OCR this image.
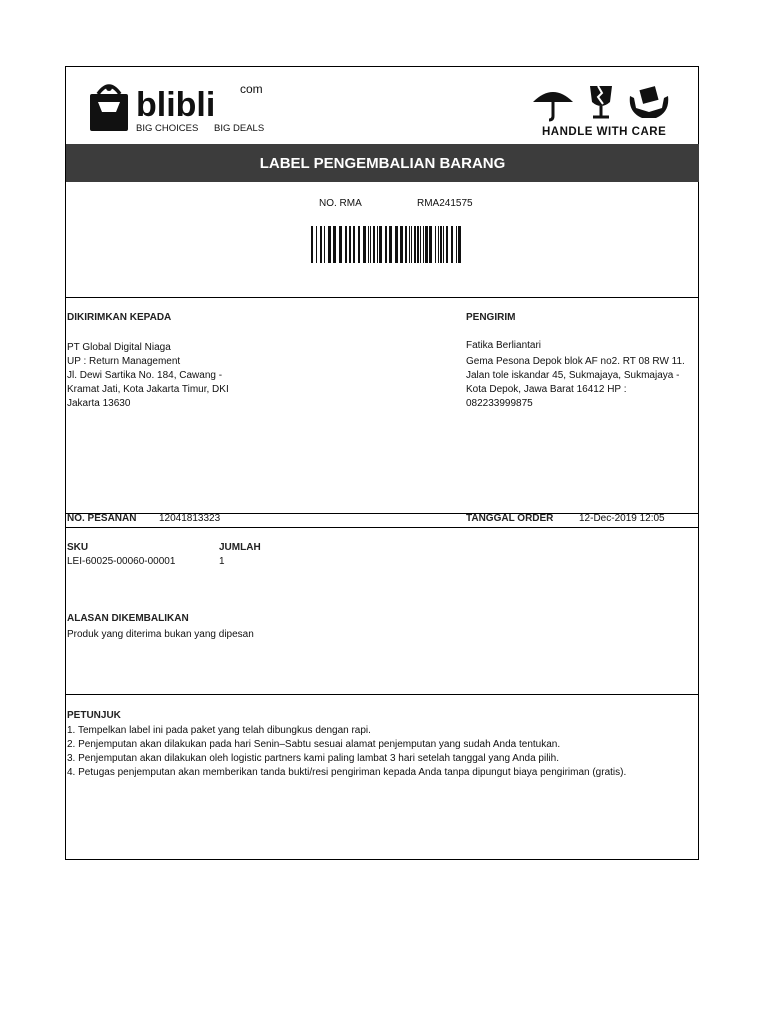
blibli com
BIG CHOICES BIG DEALS	HANDLE WITH CARE
LABEL PENGEMBALIAN BARANG
NO. RMA	RMA241575
DIKIRIMKAN KEPADA
PT Global Digital Niaga
UP : Return Management
Jl. Dewi Sartika No. 184, Cawang -
Kramat Jati, Kota Jakarta Timur, DKI
Jakarta 13630
PENGIRIM
Fatika Berliantari
Gema Pesona Depok blok AF no2. RT 08 RW 11.
Jalan tole iskandar 45, Sukmajaya, Sukmajaya -
Kota Depok, Jawa Barat 16412 HP :
082233999875
NO. PESANAN 12041813323	TANGGAL ORDER	12-Dec-2019 12:05
SKU
LEI-60025-00060-00001
JUMLAH
1
ALASAN DIKEMBALIKAN
Produk yang diterima bukan yang dipesan
PETUNJUK
1. Tempelkan label ini pada paket yang telah dibungkus dengan rapi.
2. Penjemputan akan dilakukan pada hari Senin–Sabtu sesuai alamat penjemputan yang sudah Anda tentukan.
3. Penjemputan akan dilakukan oleh logistic partners kami paling lambat 3 hari setelah tanggal yang Anda pilih.
4. Petugas penjemputan akan memberikan tanda bukti/resi pengiriman kepada Anda tanpa dipungut biaya pengiriman (gratis).
